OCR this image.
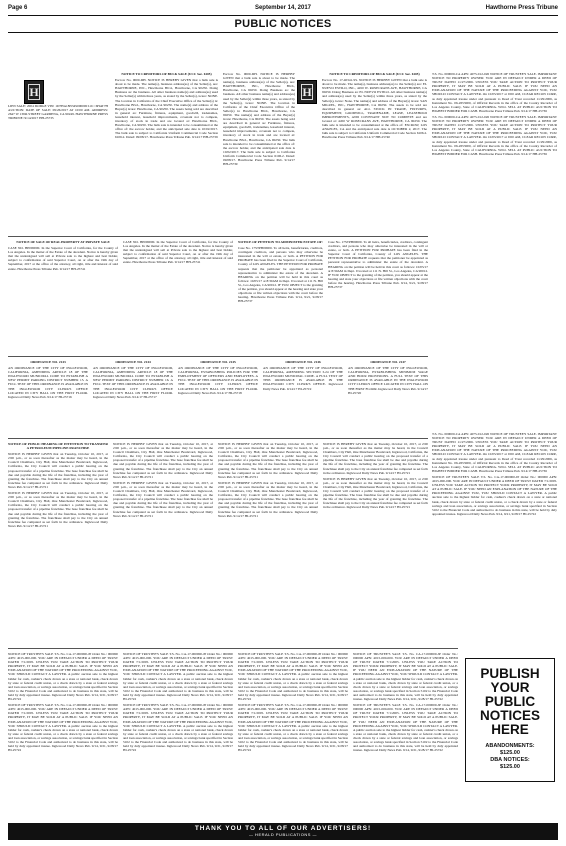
Page 6	September 14, 2017	Hawthorne Press Tribune
PUBLIC NOTICES
H	H

LIEN SALE: 2004 DODGE VIN: 1D7HA18N34S000000 LIC: 6HAT7H AUCTION: DATE OF SALE: 09/26/2017 AT 10:00 AM. ADDRESS: 2647 W 139th STREET GARDENA, CA 90249. HAWTHORNE PRESS TRIBUNE: 9/14/2017 HH-25735

NOTICE TO CREDITORS OF BULK SALE (UCC Sec. 6105)

Escrow No. 0000-DH. NOTICE IS HEREBY GIVEN that a bulk sale is about to be made. The name(s), business address(es) of the Seller(s), are: HAWTHORNE, INC., Hawthorne Blvd., Hawthorne, CA 90250. Doing Business as: the business. All other business name(s) and address(es) used by the Seller(s) within three years, as stated by the Seller(s), is/are: NONE. The location in California of the Chief Executive Office of the Seller(s) is: Hawthorne Blvd., Hawthorne, CA 90250. The name(s) and address of the Buyer(s) is/are: Hawthorne, CA 90250. The assets being sold are described in general as: Furniture, fixtures, equipment, goodwill, tradenames, leasehold interest, leasehold improvements, covenant not to compete, inventory of stock in trade and are located at: Hawthorne Blvd., Hawthorne, CA 90250. The bulk sale is intended to be consummated at the office of: the escrow holder, and the anticipated sale date is 10/02/2017. The bulk sale is subject to California Uniform Commercial Code Section 6106.2. Dated: 09/08/17. Hawthorne Press Tribune Pub. 9/14/17 HH-25739

Escrow No. 0000-DH. NOTICE IS HEREBY GIVEN that a bulk sale is about to be made. The name(s), business address(es) of the Seller(s), are: HAWTHORNE, INC., Hawthorne Blvd., Hawthorne, CA 90250. Doing Business as: the business. All other business name(s) and address(es) used by the Seller(s) within three years, as stated by the Seller(s), is/are: NONE. The location in California of the Chief Executive Office of the Seller(s) is: Hawthorne Blvd., Hawthorne, CA 90250. The name(s) and address of the Buyer(s) is/are: Hawthorne, CA 90250. The assets being sold are described in general as: Furniture, fixtures, equipment, goodwill, tradenames, leasehold interest, leasehold improvements, covenant not to compete, inventory of stock in trade and are located at: Hawthorne Blvd., Hawthorne, CA 90250. The bulk sale is intended to be consummated at the office of: the escrow holder, and the anticipated sale date is 10/02/2017. The bulk sale is subject to California Uniform Commercial Code Section 6106.2. Dated: 09/08/17. Hawthorne Press Tribune Pub. 9/14/17 HH-25739

NOTICE TO CREDITORS OF BULK SALE (UCC Sec. 6105)

Escrow No. 17-40341-SS. NOTICE IS HEREBY GIVEN that a bulk sale is about to be made. The name(s), business address(es) to the Seller(s) are: EL NUEVO ESTILO, INC., 4450 W. ROSECRANS AVE, HAWTHORNE, CA 90250. Doing Business as: EL NUEVO ESTILO. All other business name(s) and address(es) used by the Seller(s) within three years, as stated by the Seller(s), is/are: None. The name(s) and address of the Buyer(s) is/are: SAN MIGUEL, INC., HAWTHORNE, CA 90250. The assets to be sold are described in general as: ALL STOCK IN TRADE, FIXTURES, EQUIPMENT, GOODWILL, TRADENAME, LEASE, LEASEHOLD IMPROVEMENTS, AND COVENANT NOT TO COMPETE and are located at: 4450 W ROSECRANS AVE, HAWTHORNE, CA 90250. The bulk sale is intended to be consummated at the office of: ESCROW, LOS ANGELES, CA and the anticipated sale date is OCTOBER 2, 2017. The bulk sale is subject to California Uniform Commercial Code Section 6106.2. Hawthorne Press Tribune Pub. 9/14/17 HH-25740

T.S. No. 000000-CA APN: 4075-012-026 NOTICE OF TRUSTEE'S SALE. IMPORTANT NOTICE TO PROPERTY OWNER: YOU ARE IN DEFAULT UNDER A DEED OF TRUST DATED 11/27/2006. UNLESS YOU TAKE ACTION TO PROTECT YOUR PROPERTY, IT MAY BE SOLD AT A PUBLIC SALE. IF YOU NEED AN EXPLANATION OF THE NATURE OF THE PROCEEDING AGAINST YOU, YOU SHOULD CONTACT A LAWYER. On 10/05/2017 at 9:00 AM, CLEAR RECON CORP., as duly appointed trustee under and pursuant to Deed of Trust recorded 11/29/2006, as Instrument No. 06-2653000, of Official Records in the office of the County Recorder of Los Angeles County, State of CALIFORNIA. WILL SELL AT PUBLIC AUCTION TO HIGHEST BIDDER FOR CASH. Hawthorne Press Tribune Pub. 9/14/17 HH-25736

T.S. No. 000000-CA APN: 4075-012-026 NOTICE OF TRUSTEE'S SALE. IMPORTANT NOTICE TO PROPERTY OWNER: YOU ARE IN DEFAULT UNDER A DEED OF TRUST DATED 11/27/2006. UNLESS YOU TAKE ACTION TO PROTECT YOUR PROPERTY, IT MAY BE SOLD AT A PUBLIC SALE. IF YOU NEED AN EXPLANATION OF THE NATURE OF THE PROCEEDING AGAINST YOU, YOU SHOULD CONTACT A LAWYER. On 10/05/2017 at 9:00 AM, CLEAR RECON CORP., as duly appointed trustee under and pursuant to Deed of Trust recorded 11/29/2006, as Instrument No. 06-2653000, of Official Records in the office of the County Recorder of Los Angeles County, State of CALIFORNIA. WILL SELL AT PUBLIC AUCTION TO HIGHEST BIDDER FOR CASH. Hawthorne Press Tribune Pub. 9/14/17 HH-25736

NOTICE OF SALE OF REAL PROPERTY AT PRIVATE SALE

CASE NO. BP000000. In the Superior Court of California, for the County of Los Angeles. In the matter of the Estate of the decedent. Notice is hereby given that the undersigned will sell at Private sale to the highest and best bidder, subject to confirmation of said Superior Court, on or after the 19th day of September, 2017 at the office of the attorney, all right, title and interest of said estate. Hawthorne Press Tribune Pub. 9/14/17 HH-25741

CASE NO. BP000000. In the Superior Court of California, for the County of Los Angeles. In the matter of the Estate of the decedent. Notice is hereby given that the undersigned will sell at Private sale to the highest and best bidder, subject to confirmation of said Superior Court, on or after the 19th day of September, 2017 at the office of the attorney, all right, title and interest of said estate. Hawthorne Press Tribune Pub. 9/14/17 HH-25741

NOTICE OF PETITION TO ADMINISTER ESTATE OF:

Case No. 17STPB00000. To all heirs, beneficiaries, creditors, contingent creditors, and persons who may otherwise be interested in the will or estate, or both. A PETITION FOR PROBATE has been filed in the Superior Court of California, County of LOS ANGELES. THE PETITION FOR PROBATE requests that the petitioner be appointed as personal representative to administer the estate of the decedent. A HEARING on the petition will be held in this court as follows: 10/05/17 at 8:30AM in Dept. 9 located at 111 N. Hill St., Los Angeles, CA 90012. IF YOU OBJECT to the granting of the petition, you should appear at the hearing and state your objections or file written objections with the court before the hearing. Hawthorne Press Tribune Pub. 9/14, 9/21, 9/28/17 HH-25737

Case No. 17STPB00000. To all heirs, beneficiaries, creditors, contingent creditors, and persons who may otherwise be interested in the will or estate, or both. A PETITION FOR PROBATE has been filed in the Superior Court of California, County of LOS ANGELES. THE PETITION FOR PROBATE requests that the petitioner be appointed as personal representative to administer the estate of the decedent. A HEARING on the petition will be held in this court as follows: 10/05/17 at 8:30AM in Dept. 9 located at 111 N. Hill St., Los Angeles, CA 90012. IF YOU OBJECT to the granting of the petition, you should appear at the hearing and state your objections or file written objections with the court before the hearing. Hawthorne Press Tribune Pub. 9/14, 9/21, 9/28/17 HH-25737

ORDINANCE NO. 2143

AN ORDINANCE OF THE CITY OF INGLEWOOD, CALIFORNIA, AMENDING ARTICLE 18 OF THE INGLEWOOD MUNICIPAL CODE TO ESTABLISH A NEW PERMIT PARKING DISTRICT NUMBER 15. A FULL TEXT OF THIS ORDINANCE IS AVAILABLE IN THE INGLEWOOD CITY CLERK'S OFFICE LOCATED IN CITY HALL ON THE FIRST FLOOR. Inglewood Daily News Pub. 9/14/17 HI-25716

ORDINANCE NO. 2144

AN ORDINANCE OF THE CITY OF INGLEWOOD, CALIFORNIA, AMENDING ARTICLE 18 OF THE INGLEWOOD MUNICIPAL CODE TO ESTABLISH A NEW PERMIT PARKING DISTRICT NUMBER 16. A FULL TEXT OF THIS ORDINANCE IS AVAILABLE IN THE INGLEWOOD CITY CLERK'S OFFICE LOCATED IN CITY HALL ON THE FIRST FLOOR. Inglewood Daily News Pub. 9/14/17 HI-25717

ORDINANCE NO. 2145

AN ORDINANCE OF THE CITY OF INGLEWOOD, CALIFORNIA, ESTABLISHING POLICIES FOR THE EMPLOYMENT OF OFFICERS AND EMPLOYEES. A FULL TEXT OF THIS ORDINANCE IS AVAILABLE IN THE INGLEWOOD CITY CLERK'S OFFICE LOCATED IN CITY HALL ON THE FIRST FLOOR. Inglewood Daily News Pub. 9/14/17 HI-25718

ORDINANCE NO. 2146

AN ORDINANCE OF THE CITY OF INGLEWOOD, CALIFORNIA, AMENDING SECTION 3-24 OF THE INGLEWOOD MUNICIPAL CODE. A FULL TEXT OF THIS ORDINANCE IS AVAILABLE IN THE INGLEWOOD CITY CLERK'S OFFICE. Inglewood Daily News Pub. 9/14/17 HI-25719

ORDINANCE NO. 2147

AN ORDINANCE OF THE CITY OF INGLEWOOD, CALIFORNIA, ESTABLISHING MINIMUM WAGE AND HOUR PROVISIONS. A FULL TEXT OF THIS ORDINANCE IS AVAILABLE IN THE INGLEWOOD CITY CLERK'S OFFICE LOCATED IN CITY HALL ON THE FIRST FLOOR. Inglewood Daily News Pub. 9/14/17 HI-25720

NOTICE OF PUBLIC HEARING OF INTENTION TO TRANSFER A PETROLEUM PIPELINE FRANCHISE

NOTICE IS HEREBY GIVEN that on Tuesday, October 10, 2017, at 2:00 p.m., or as soon thereafter as the matter may be heard, in the Council Chambers, City Hall, One Manchester Boulevard, Inglewood, California, the City Council will conduct a public hearing on the proposed transfer of a pipeline franchise. The base franchise fee shall be due and payable during the life of the franchise, including the year of granting the franchise. The franchisee shall pay to the City an annual franchise fee computed as set forth in the ordinance. Inglewood Daily News Pub. 9/14/17 HI-25721

NOTICE IS HEREBY GIVEN that on Tuesday, October 10, 2017, at 2:00 p.m., or as soon thereafter as the matter may be heard, in the Council Chambers, City Hall, One Manchester Boulevard, Inglewood, California, the City Council will conduct a public hearing on the proposed transfer of a pipeline franchise. The base franchise fee shall be due and payable during the life of the franchise, including the year of granting the franchise. The franchisee shall pay to the City an annual franchise fee computed as set forth in the ordinance. Inglewood Daily News Pub. 9/14/17 HI-25721

NOTICE IS HEREBY GIVEN that on Tuesday, October 10, 2017, at 2:00 p.m., or as soon thereafter as the matter may be heard, in the Council Chambers, City Hall, One Manchester Boulevard, Inglewood, California, the City Council will conduct a public hearing on the proposed transfer of a pipeline franchise. The base franchise fee shall be due and payable during the life of the franchise, including the year of granting the franchise. The franchisee shall pay to the City an annual franchise fee computed as set forth in the ordinance. Inglewood Daily News Pub. 9/14/17 HI-25721

NOTICE IS HEREBY GIVEN that on Tuesday, October 10, 2017, at 2:00 p.m., or as soon thereafter as the matter may be heard, in the Council Chambers, City Hall, One Manchester Boulevard, Inglewood, California, the City Council will conduct a public hearing on the proposed transfer of a pipeline franchise. The base franchise fee shall be due and payable during the life of the franchise, including the year of granting the franchise. The franchisee shall pay to the City an annual franchise fee computed as set forth in the ordinance. Inglewood Daily News Pub. 9/14/17 HI-25721

NOTICE IS HEREBY GIVEN that on Tuesday, October 10, 2017, at 2:00 p.m., or as soon thereafter as the matter may be heard, in the Council Chambers, City Hall, One Manchester Boulevard, Inglewood, California, the City Council will conduct a public hearing on the proposed transfer of a pipeline franchise. The base franchise fee shall be due and payable during the life of the franchise, including the year of granting the franchise. The franchisee shall pay to the City an annual franchise fee computed as set forth in the ordinance. Inglewood Daily News Pub. 9/14/17 HI-25721

NOTICE IS HEREBY GIVEN that on Tuesday, October 10, 2017, at 2:00 p.m., or as soon thereafter as the matter may be heard, in the Council Chambers, City Hall, One Manchester Boulevard, Inglewood, California, the City Council will conduct a public hearing on the proposed transfer of a pipeline franchise. The base franchise fee shall be due and payable during the life of the franchise, including the year of granting the franchise. The franchisee shall pay to the City an annual franchise fee computed as set forth in the ordinance. Inglewood Daily News Pub. 9/14/17 HI-25721

NOTICE IS HEREBY GIVEN that on Tuesday, October 10, 2017, at 2:00 p.m., or as soon thereafter as the matter may be heard, in the Council Chambers, City Hall, One Manchester Boulevard, Inglewood, California, the City Council will conduct a public hearing on the proposed transfer of a pipeline franchise. The base franchise fee shall be due and payable during the life of the franchise, including the year of granting the franchise. The franchisee shall pay to the City an annual franchise fee computed as set forth in the ordinance. Inglewood Daily News Pub. 9/14/17 HI-25721

NOTICE IS HEREBY GIVEN that on Tuesday, October 10, 2017, at 2:00 p.m., or as soon thereafter as the matter may be heard, in the Council Chambers, City Hall, One Manchester Boulevard, Inglewood, California, the City Council will conduct a public hearing on the proposed transfer of a pipeline franchise. The base franchise fee shall be due and payable during the life of the franchise, including the year of granting the franchise. The franchisee shall pay to the City an annual franchise fee computed as set forth in the ordinance. Inglewood Daily News Pub. 9/14/17 HI-25721

T.S. No. 000000-CA APN: 4075-012-026 NOTICE OF TRUSTEE'S SALE. IMPORTANT NOTICE TO PROPERTY OWNER: YOU ARE IN DEFAULT UNDER A DEED OF TRUST DATED 11/27/2006. UNLESS YOU TAKE ACTION TO PROTECT YOUR PROPERTY, IT MAY BE SOLD AT A PUBLIC SALE. IF YOU NEED AN EXPLANATION OF THE NATURE OF THE PROCEEDING AGAINST YOU, YOU SHOULD CONTACT A LAWYER. On 10/05/2017 at 9:00 AM, CLEAR RECON CORP., as duly appointed trustee under and pursuant to Deed of Trust recorded 11/29/2006, as Instrument No. 06-2653000, of Official Records in the office of the County Recorder of Los Angeles County, State of CALIFORNIA. WILL SELL AT PUBLIC AUCTION TO HIGHEST BIDDER FOR CASH. Hawthorne Press Tribune Pub. 9/14/17 HH-25736

NOTICE OF TRUSTEE'S SALE T.S. No. CA-17-000000-JP Order No.: 000000 APN: 4015-000-000. YOU ARE IN DEFAULT UNDER A DEED OF TRUST DATED 7/1/2005. UNLESS YOU TAKE ACTION TO PROTECT YOUR PROPERTY, IT MAY BE SOLD AT A PUBLIC SALE. IF YOU NEED AN EXPLANATION OF THE NATURE OF THE PROCEEDING AGAINST YOU, YOU SHOULD CONTACT A LAWYER. A public auction sale to the highest bidder for cash, cashier's check drawn on a state or national bank, check drawn by state or federal credit union, or a check drawn by a state or federal savings and loan association, or savings association, or savings bank specified in Section 5102 to the Financial Code and authorized to do business in this state, will be held by duly appointed trustee. Inglewood Daily News Pub. 9/14, 9/21, 9/28/17 HI-25722

NOTICE OF TRUSTEE'S SALE T.S. No. CA-17-000000-JP Order No.: 000000 APN: 4015-000-000. YOU ARE IN DEFAULT UNDER A DEED OF TRUST DATED 7/1/2005. UNLESS YOU TAKE ACTION TO PROTECT YOUR PROPERTY, IT MAY BE SOLD AT A PUBLIC SALE. IF YOU NEED AN EXPLANATION OF THE NATURE OF THE PROCEEDING AGAINST YOU, YOU SHOULD CONTACT A LAWYER. A public auction sale to the highest bidder for cash, cashier's check drawn on a state or national bank, check drawn by state or federal credit union, or a check drawn by a state or federal savings and loan association, or savings association, or savings bank specified in Section 5102 to the Financial Code and authorized to do business in this state, will be held by duly appointed trustee. Inglewood Daily News Pub. 9/14, 9/21, 9/28/17 HI-25722

NOTICE OF TRUSTEE'S SALE T.S. No. CA-17-000000-JP Order No.: 000000 APN: 4015-000-000. YOU ARE IN DEFAULT UNDER A DEED OF TRUST DATED 7/1/2005. UNLESS YOU TAKE ACTION TO PROTECT YOUR PROPERTY, IT MAY BE SOLD AT A PUBLIC SALE. IF YOU NEED AN EXPLANATION OF THE NATURE OF THE PROCEEDING AGAINST YOU, YOU SHOULD CONTACT A LAWYER. A public auction sale to the highest bidder for cash, cashier's check drawn on a state or national bank, check drawn by state or federal credit union, or a check drawn by a state or federal savings and loan association, or savings association, or savings bank specified in Section 5102 to the Financial Code and authorized to do business in this state, will be held by duly appointed trustee. Inglewood Daily News Pub. 9/14, 9/21, 9/28/17 HI-25722

NOTICE OF TRUSTEE'S SALE T.S. No. CA-17-000000-JP Order No.: 000000 APN: 4015-000-000. YOU ARE IN DEFAULT UNDER A DEED OF TRUST DATED 7/1/2005. UNLESS YOU TAKE ACTION TO PROTECT YOUR PROPERTY, IT MAY BE SOLD AT A PUBLIC SALE. IF YOU NEED AN EXPLANATION OF THE NATURE OF THE PROCEEDING AGAINST YOU, YOU SHOULD CONTACT A LAWYER. A public auction sale to the highest bidder for cash, cashier's check drawn on a state or national bank, check drawn by state or federal credit union, or a check drawn by a state or federal savings and loan association, or savings association, or savings bank specified in Section 5102 to the Financial Code and authorized to do business in this state, will be held by duly appointed trustee. Inglewood Daily News Pub. 9/14, 9/21, 9/28/17 HI-25722

NOTICE OF TRUSTEE'S SALE T.S. No. CA-17-000000-JP Order No.: 000000 APN: 4015-000-000. YOU ARE IN DEFAULT UNDER A DEED OF TRUST DATED 7/1/2005. UNLESS YOU TAKE ACTION TO PROTECT YOUR PROPERTY, IT MAY BE SOLD AT A PUBLIC SALE. IF YOU NEED AN EXPLANATION OF THE NATURE OF THE PROCEEDING AGAINST YOU, YOU SHOULD CONTACT A LAWYER. A public auction sale to the highest bidder for cash, cashier's check drawn on a state or national bank, check drawn by state or federal credit union, or a check drawn by a state or federal savings and loan association, or savings association, or savings bank specified in Section 5102 to the Financial Code and authorized to do business in this state, will be held by duly appointed trustee. Inglewood Daily News Pub. 9/14, 9/21, 9/28/17 HI-25722

NOTICE OF TRUSTEE'S SALE T.S. No. CA-17-000000-JP Order No.: 000000 APN: 4015-000-000. YOU ARE IN DEFAULT UNDER A DEED OF TRUST DATED 7/1/2005. UNLESS YOU TAKE ACTION TO PROTECT YOUR PROPERTY, IT MAY BE SOLD AT A PUBLIC SALE. IF YOU NEED AN EXPLANATION OF THE NATURE OF THE PROCEEDING AGAINST YOU, YOU SHOULD CONTACT A LAWYER. A public auction sale to the highest bidder for cash, cashier's check drawn on a state or national bank, check drawn by state or federal credit union, or a check drawn by a state or federal savings and loan association, or savings association, or savings bank specified in Section 5102 to the Financial Code and authorized to do business in this state, will be held by duly appointed trustee. Inglewood Daily News Pub. 9/14, 9/21, 9/28/17 HI-25722

NOTICE OF TRUSTEE'S SALE T.S. No. CA-17-000000-JP Order No.: 000000 APN: 4015-000-000. YOU ARE IN DEFAULT UNDER A DEED OF TRUST DATED 7/1/2005. UNLESS YOU TAKE ACTION TO PROTECT YOUR PROPERTY, IT MAY BE SOLD AT A PUBLIC SALE. IF YOU NEED AN EXPLANATION OF THE NATURE OF THE PROCEEDING AGAINST YOU, YOU SHOULD CONTACT A LAWYER. A public auction sale to the highest bidder for cash, cashier's check drawn on a state or national bank, check drawn by state or federal credit union, or a check drawn by a state or federal savings and loan association, or savings association, or savings bank specified in Section 5102 to the Financial Code and authorized to do business in this state, will be held by duly appointed trustee. Inglewood Daily News Pub. 9/14, 9/21, 9/28/17 HI-25722

NOTICE OF TRUSTEE'S SALE T.S. No. CA-17-000000-JP Order No.: 000000 APN: 4015-000-000. YOU ARE IN DEFAULT UNDER A DEED OF TRUST DATED 7/1/2005. UNLESS YOU TAKE ACTION TO PROTECT YOUR PROPERTY, IT MAY BE SOLD AT A PUBLIC SALE. IF YOU NEED AN EXPLANATION OF THE NATURE OF THE PROCEEDING AGAINST YOU, YOU SHOULD CONTACT A LAWYER. A public auction sale to the highest bidder for cash, cashier's check drawn on a state or national bank, check drawn by state or federal credit union, or a check drawn by a state or federal savings and loan association, or savings association, or savings bank specified in Section 5102 to the Financial Code and authorized to do business in this state, will be held by duly appointed trustee. Inglewood Daily News Pub. 9/14, 9/21, 9/28/17 HI-25722

NOTICE OF TRUSTEE'S SALE T.S. No. CA-17-000000-JP Order No.: 000000 APN: 4015-000-000. YOU ARE IN DEFAULT UNDER A DEED OF TRUST DATED 7/1/2005. UNLESS YOU TAKE ACTION TO PROTECT YOUR PROPERTY, IT MAY BE SOLD AT A PUBLIC SALE. IF YOU NEED AN EXPLANATION OF THE NATURE OF THE PROCEEDING AGAINST YOU, YOU SHOULD CONTACT A LAWYER. A public auction sale to the highest bidder for cash, cashier's check drawn on a state or national bank, check drawn by state or federal credit union, or a check drawn by a state or federal savings and loan association, or savings association, or savings bank specified in Section 5102 to the Financial Code and authorized to do business in this state, will be held by duly appointed trustee. Inglewood Daily News Pub. 9/14, 9/21, 9/28/17 HI-25722

PUBLISH
YOUR
PUBLIC
NOTICES
HERE
ABANDONMENTS:
$125.00
DBA NOTICES:
$125.00
THANK YOU TO ALL OF OUR ADVERTISERS!
— HERALD PUBLICATIONS —
